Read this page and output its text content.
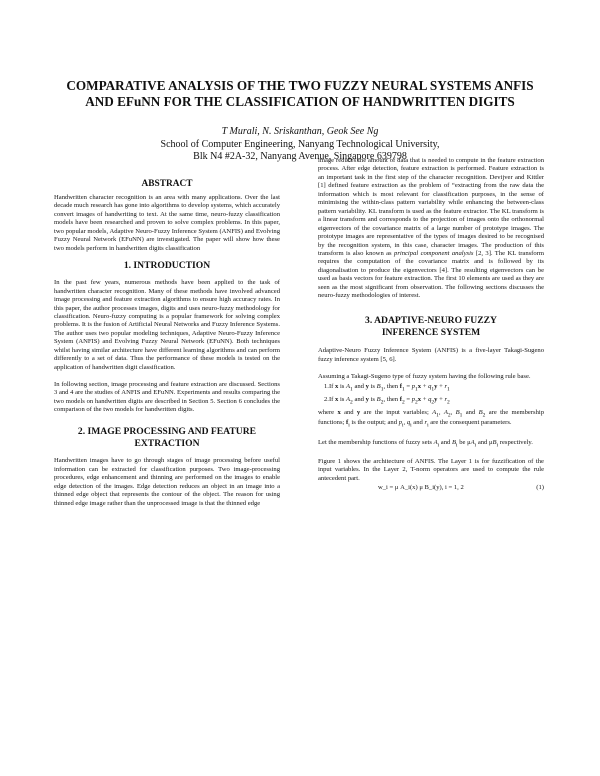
COMPARATIVE ANALYSIS OF THE TWO FUZZY NEURAL SYSTEMS ANFIS AND EFuNN FOR THE CLASSIFICATION OF HANDWRITTEN DIGITS
T Murali, N. Sriskanthan, Geok See Ng
School of Computer Engineering, Nanyang Technological University,
Blk N4 #2A-32, Nanyang Avenue, Singapore 639798
ABSTRACT

Handwritten character recognition is an area with many applications. Over the last decade much research has gone into algorithms to develop systems, which accurately convert images of handwriting to text. At the same time, neuro-fuzzy classification models have been researched and proven to solve complex problems. In this paper, two popular models, Adaptive Neuro-Fuzzy Inference System (ANFIS) and Evolving Fuzzy Neural Network (EFuNN) are investigated. The paper will show how these two models perform in handwritten digits classification

1. INTRODUCTION

In the past few years, numerous methods have been applied to the task of handwritten character recognition. Many of these methods have involved advanced image processing and feature extraction algorithms to ensure high accuracy rates. In this paper, the author processes images, digits and uses neuro-fuzzy methodology for classification. Neuro-fuzzy computing is a popular framework for solving complex problems. It is the fusion of Artificial Neural Networks and Fuzzy Inference Systems. The author uses two popular modeling techniques, Adaptive Neuro-Fuzzy Inference System (ANFIS) and Evolving Fuzzy Neural Network (EFuNN). Both techniques whilst having similar architecture have different learning algorithms and can perform differently to a set of data. Thus the performance of these models is tested on the application of handwritten digit classification.

In following section, image processing and feature extraction are discussed. Sections 3 and 4 are the studies of ANFIS and EFuNN. Experiments and results comparing the two models on handwritten digits are described in Section 5. Section 6 concludes the comparison of the two models for handwritten digits.

2. IMAGE PROCESSING AND FEATURE EXTRACTION

Handwritten images have to go through stages of image processing before useful information can be extracted for classification purposes. Two image-processing procedures, edge enhancement and thinning are performed on the images to enable edge detection of the images. Edge detection reduces an object in an image into a thinned edge object that represents the contour of the object. The reason for using thinned edge image rather than the unprocessed image is that the thinned edge

image reduces the amount of data that is needed to compute in the feature extraction process. After edge detection, feature extraction is performed. Feature extraction is an important task in the first step of the character recognition. Devijver and Kittler [1] defined feature extraction as the problem of “extracting from the raw data the information which is most relevant for classification purposes, in the sense of minimising the within-class pattern variability while enhancing the between-class pattern variability. KL transform is used as the feature extractor. The KL transform is a linear transform and corresponds to the projection of images onto the orthonormal eigenvectors of the covariance matrix of a large number of prototype images. The prototype images are representative of the types of images desired to be recognised by the recognition system, in this case, character images. The production of this transform is also known as principal component analysis [2, 3]. The KL transform requires the computation of the covariance matrix and is followed by its diagonalisation to produce the eigenvectors [4]. The resulting eigenvectors can be used as basis vectors for feature extraction. The first 10 elements are used as they are seen as the most significant from observation. The following sections discusses the neuro-fuzzy methodologies of interest.

3. ADAPTIVE-NEURO FUZZY
INFERENCE SYSTEM

Adaptive-Neuro Fuzzy Inference System (ANFIS) is a five-layer Takagi-Sugeno fuzzy inference system [5, 6].

Assuming a Takagi-Sugeno type of fuzzy system having the following rule base.

1.If x is $A_1$ and y is $B_1$, then $f_1 = p_1x + q_1y + r_1$
2.If x is $A_2$ and y is $B_2$, then $f_2 = p_2x + q_2y + r_2$

where x and y are the input variables; $A_1$, $A_2$, $B_1$ and $B_2$ are the membership functions; $f_i$ is the output; and $p_i$, $q_i$ and $r_i$ are the consequent parameters.

Let the membership functions of fuzzy sets $A_i$ and $B_i$ be $\mu A_i$ and $\mu B_i$ respectively.

Figure 1 shows the architecture of ANFIS. The Layer 1 is for fuzzification of the input variables. In the Layer 2, T-norm operators are used to compute the rule antecedent part.

w_i = μ A_i(x) μ B_i(y), i = 1, 2	(1)
